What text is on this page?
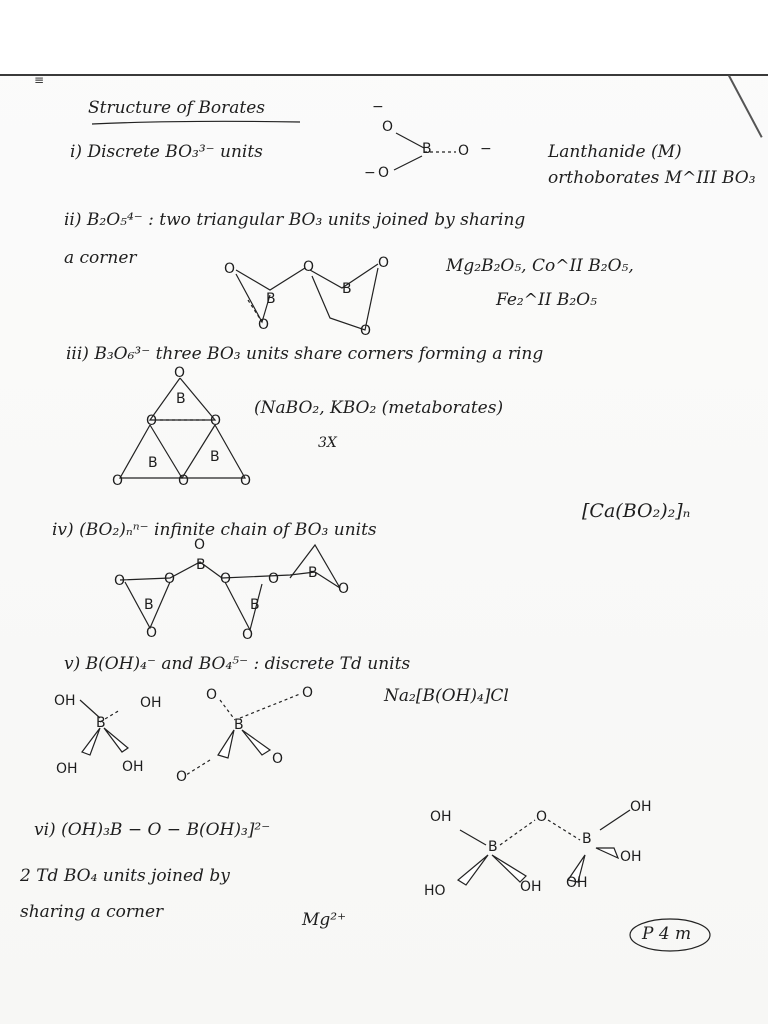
≡
Structure of Borates
i) Discrete BO₃³⁻ units	Lanthanide (M)
orthoborates M^III BO₃
O
B O
O
−
−
−
ii) B₂O₅⁴⁻ : two triangular BO₃ units joined by sharing
a corner	Mg₂B₂O₅, Co^II B₂O₅,
Fe₂^II B₂O₅
O	O	O
O	O
B
B
iii) B₃O₆³⁻ three BO₃ units share corners forming a ring
(NaBO₂, KBO₂ (metaborates)
3X
O
B
O	O
B	B
O	O	O
iv) (BO₂)ₙⁿ⁻ infinite chain of BO₃ units
[Ca(BO₂)₂]ₙ
O
B
O
O
B
O
B
O
O	O
B
O
v) B(OH)₄⁻ and BO₄⁵⁻ : discrete Td units
Na₂[B(OH)₄]Cl
OH
B
OH
OH	OH
O
B
O
O
O
vi) (OH)₃B − O − B(OH)₃]²⁻
2 Td BO₄ units joined by
sharing a corner	Mg²⁺
OH
B
O
B
OH
OH
HO	OH OH
P 4 m
